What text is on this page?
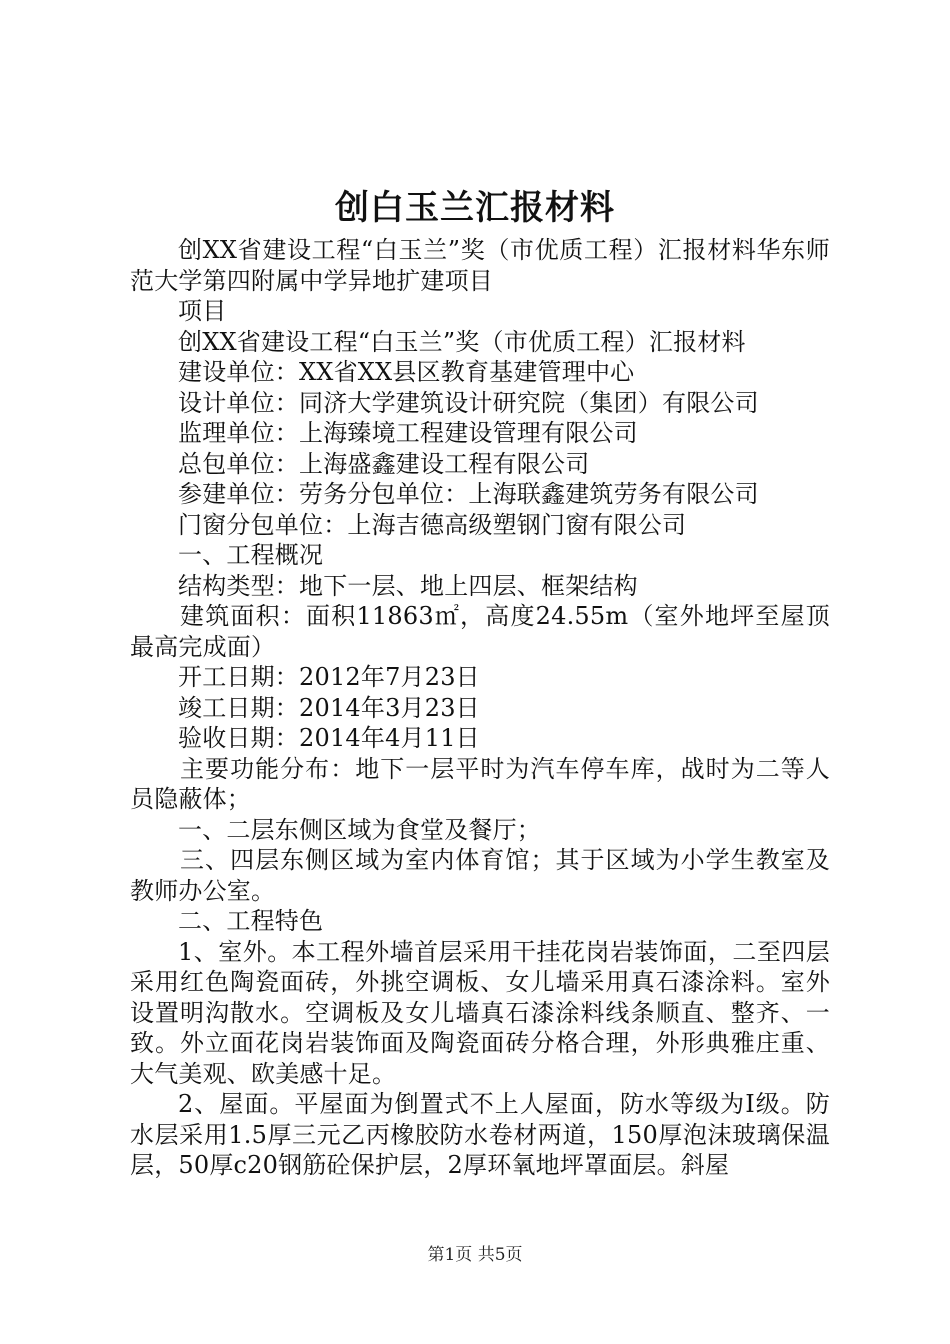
创白玉兰汇报材料

创XX省建设工程“白玉兰”奖（市优质工程）汇报材料华东师范大学第四附属中学异地扩建项目

项目

创XX省建设工程“白玉兰”奖（市优质工程）汇报材料

建设单位：XX省XX县区教育基建管理中心

设计单位：同济大学建筑设计研究院（集团）有限公司

监理单位：上海臻境工程建设管理有限公司

总包单位：上海盛鑫建设工程有限公司

参建单位：劳务分包单位：上海联鑫建筑劳务有限公司

门窗分包单位：上海吉德高级塑钢门窗有限公司

一、工程概况

结构类型：地下一层、地上四层、框架结构

建筑面积：面积11863㎡，高度24.55m（室外地坪至屋顶最高完成面）

开工日期：2012年7月23日

竣工日期：2014年3月23日

验收日期：2014年4月11日

主要功能分布：地下一层平时为汽车停车库，战时为二等人员隐蔽体；

一、二层东侧区域为食堂及餐厅；

三、四层东侧区域为室内体育馆；其于区域为小学生教室及教师办公室。

二、工程特色

1、室外。本工程外墙首层采用干挂花岗岩装饰面，二至四层采用红色陶瓷面砖，外挑空调板、女儿墙采用真石漆涂料。室外设置明沟散水。空调板及女儿墙真石漆涂料线条顺直、整齐、一致。外立面花岗岩装饰面及陶瓷面砖分格合理，外形典雅庄重、大气美观、欧美感十足。

2、屋面。平屋面为倒置式不上人屋面，防水等级为Ⅰ级。防水层采用1.5厚三元乙丙橡胶防水卷材两道，150厚泡沫玻璃保温层，50厚c20钢筋砼保护层，2厚环氧地坪罩面层。斜屋

第1页 共5页
